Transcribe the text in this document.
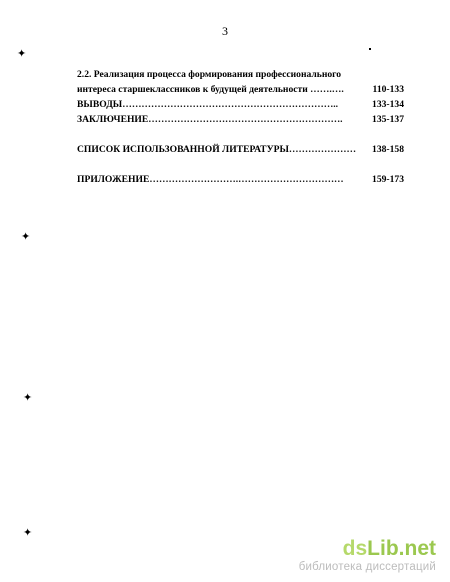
3
2.2. Реализация процесса формирования профессионального
интереса старшеклассников к будущей деятельности …….….	110-133
ВЫВОДЫ…………………………………………………………..	133-134
ЗАКЛЮЧЕНИЕ…………………………………………………….	135-137
СПИСОК ИСПОЛЬЗОВАННОЙ ЛИТЕРАТУРЫ…………………	138-158
ПРИЛОЖЕНИЕ……………………….……………………………	159-173
✦
✦
✦
✦
dsLib.net
библиотека диссертаций
